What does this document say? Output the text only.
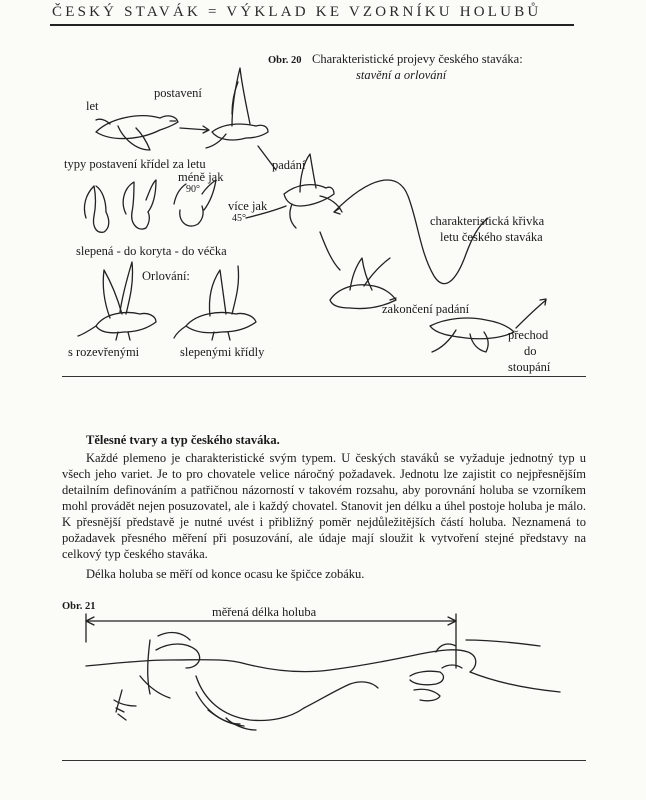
ČESKÝ STAVÁK = VÝKLAD KE VZORNÍKU HOLUBŮ
Obr. 20 Charakteristické projevy českého staváka:
stavění a orlování
let
postavení
typy postavení křídel za letu
méně jak
90°
více jak
45°
slepená - do koryta - do véčka
Orlování:
s rozevřenými	slepenými křídly
padání
charakteristická křivka
letu českého staváka
zakončení padání
přechod
do
stoupání
Tělesné tvary a typ českého staváka.
Každé plemeno je charakteristické svým typem. U českých staváků se vyžaduje jednotný typ u všech jeho variet. Je to pro chovatele velice náročný požadavek. Jednotu lze zajistit co nejpřesnějším detailním definováním a patřičnou názorností v takovém rozsahu, aby porovnání holuba se vzorníkem mohl provádět nejen posuzovatel, ale i každý chovatel. Stanovit jen délku a úhel postoje holuba je málo. K přesnější představě je nutné uvést i přibližný poměr nejdůležitějších částí holuba. Neznamená to požadavek přesného měření při posuzování, ale údaje mají sloužit k vytvoření stejné představy na celkový typ českého staváka.
Délka holuba se měří od konce ocasu ke špičce zobáku.
Obr. 21	měřená délka holuba
